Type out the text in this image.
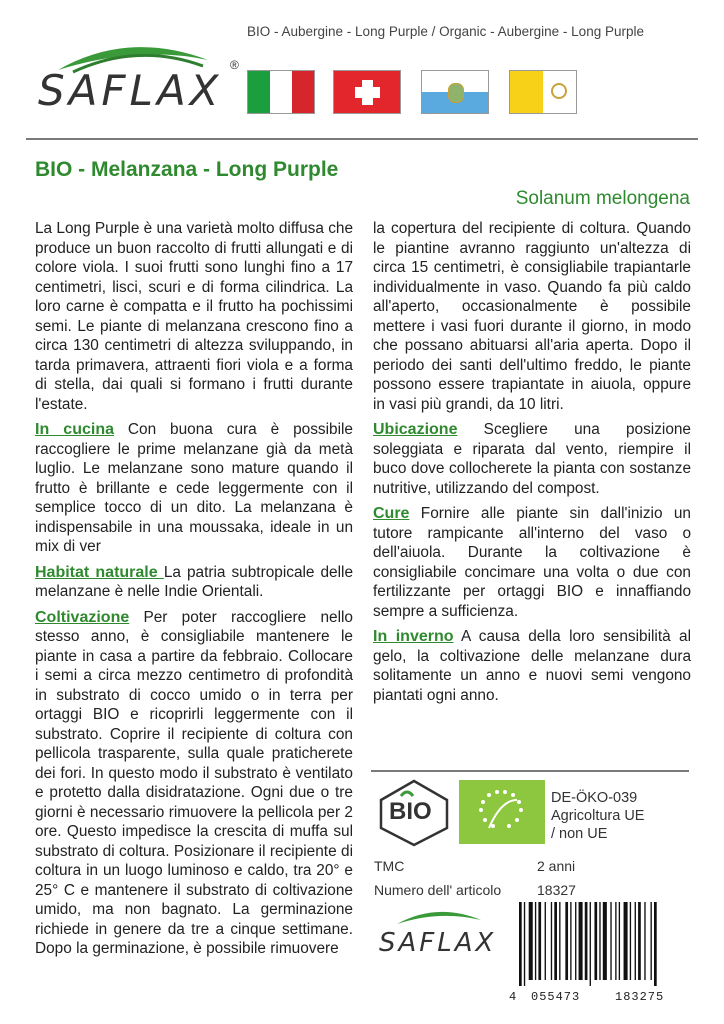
BIO - Aubergine - Long Purple / Organic - Aubergine - Long Purple
SAFLAX
®
BIO - Melanzana - Long Purple
Solanum melongena

La Long Purple è una varietà molto diffusa che produce un buon raccolto di frutti allungati e di colore viola. I suoi frutti sono lunghi fino a 17 centimetri, lisci, scuri e di forma cilindrica. La loro carne è compatta e il frutto ha pochissimi semi. Le piante di melanzana crescono fino a circa 130 centimetri di altezza sviluppando, in tarda primavera, attraenti fiori viola e a forma di stella, dai quali si formano i frutti durante l'estate.

In cucina Con buona cura è possibile raccogliere le prime melanzane già da metà luglio. Le melanzane sono mature quando il frutto è brillante e cede leggermente con il semplice tocco di un dito. La melanzana è indispensabile in una moussaka, ideale in un mix di ver

Habitat naturale La patria subtropicale delle melanzane è nelle Indie Orientali.

Coltivazione Per poter raccogliere nello stesso anno, è consigliabile mantenere le piante in casa a partire da febbraio. Collocare i semi a circa mezzo centimetro di profondità in substrato di cocco umido o in terra per ortaggi BIO e ricoprirli leggermente con il substrato. Coprire il recipiente di coltura con pellicola trasparente, sulla quale praticherete dei fori. In questo modo il substrato è ventilato e protetto dalla disidratazione. Ogni due o tre giorni è necessario rimuovere la pellicola per 2 ore. Questo impedisce la crescita di muffa sul substrato di coltura. Posizionare il recipiente di coltura in un luogo luminoso e caldo, tra 20° e 25° C e mantenere il substrato di coltivazione umido, ma non bagnato. La germinazione richiede in genere da tre a cinque settimane. Dopo la germinazione, è possibile rimuovere

la copertura del recipiente di coltura. Quando le piantine avranno raggiunto un'altezza di circa 15 centimetri, è consigliabile trapiantarle individualmente in vaso. Quando fa più caldo all'aperto, occasionalmente è possibile mettere i vasi fuori durante il giorno, in modo che possano abituarsi all'aria aperta. Dopo il periodo dei santi dell'ultimo freddo, le piante possono essere trapiantate in aiuola, oppure in vasi più grandi, da 10 litri.

Ubicazione Scegliere una posizione soleggiata e riparata dal vento, riempire il buco dove collocherete la pianta con sostanze nutritive, utilizzando del compost.

Cure Fornire alle piante sin dall'inizio un tutore rampicante all'interno del vaso o dell'aiuola. Durante la coltivazione è consigliabile concimare una volta o due con fertilizzante per ortaggi BIO e innaffiando sempre a sufficienza.

In inverno A causa della loro sensibilità al gelo, la coltivazione delle melanzane dura solitamente un anno e nuovi semi vengono piantati ogni anno.

BIO	DE-ÖKO-039
Agricoltura UE
/ non UE
TMC	2 anni
Numero dell' articolo	18327
SAFLAX
4 055473	183275
